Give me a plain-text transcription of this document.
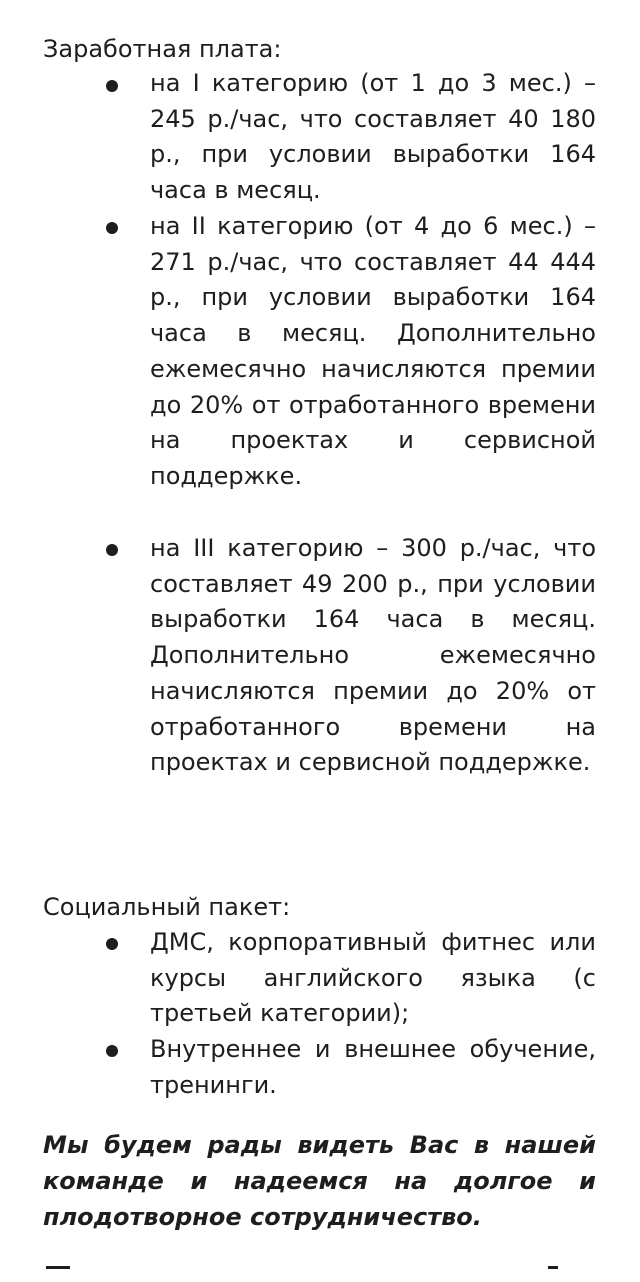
Заработная плата:
на I категорию (от 1 до 3 мес.) –245 р./час, что составляет 40 180 р., при условии выработки 164 часа в месяц.
на II категорию (от 4 до 6 мес.) –271 р./час, что составляет 44 444 р., при условии выработки 164 часа в месяц. Дополнительно ежемесячно начисляются премии до 20% от отработанного времени на проектах и сервисной поддержке.
на III категорию – 300 р./час, что составляет 49 200 р., при условии выработки 164 часа в месяц. Дополнительно ежемесячно начисляются премии до 20% от отработанного времени на проектах и сервисной поддержке.
Социальный пакет:
ДМС, корпоративный фитнес или курсы английского языка (с третьей категории);
Внутреннее и внешнее обучение, тренинги.
Мы будем рады видеть Вас в нашей команде и надеемся на долгое и плодотворное сотрудничество.
